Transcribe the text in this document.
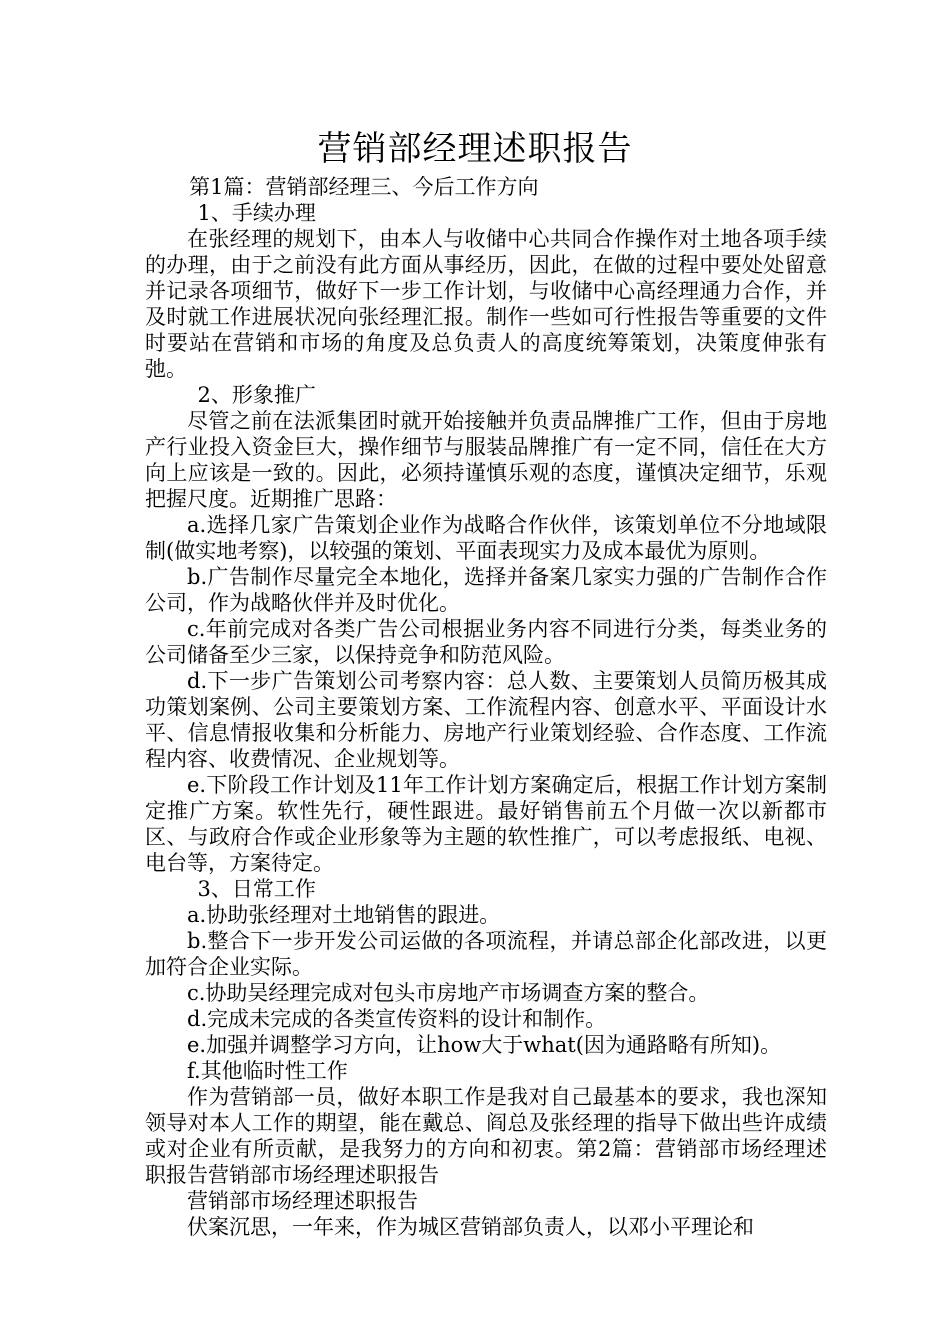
营销部经理述职报告

第1篇：营销部经理三、今后工作方向

1、手续办理

在张经理的规划下，由本人与收储中心共同合作操作对土地各项手续的办理，由于之前没有此方面从事经历，因此，在做的过程中要处处留意并记录各项细节，做好下一步工作计划，与收储中心高经理通力合作，并及时就工作进展状况向张经理汇报。制作一些如可行性报告等重要的文件时要站在营销和市场的角度及总负责人的高度统筹策划，决策度伸张有弛。

2、形象推广

尽管之前在法派集团时就开始接触并负责品牌推广工作，但由于房地产行业投入资金巨大，操作细节与服装品牌推广有一定不同，信任在大方向上应该是一致的。因此，必须持谨慎乐观的态度，谨慎决定细节，乐观把握尺度。近期推广思路：

a.选择几家广告策划企业作为战略合作伙伴，该策划单位不分地域限制(做实地考察)，以较强的策划、平面表现实力及成本最优为原则。

b.广告制作尽量完全本地化，选择并备案几家实力强的广告制作合作公司，作为战略伙伴并及时优化。

c.年前完成对各类广告公司根据业务内容不同进行分类，每类业务的公司储备至少三家，以保持竞争和防范风险。

d.下一步广告策划公司考察内容：总人数、主要策划人员简历极其成功策划案例、公司主要策划方案、工作流程内容、创意水平、平面设计水平、信息情报收集和分析能力、房地产行业策划经验、合作态度、工作流程内容、收费情况、企业规划等。

e.下阶段工作计划及11年工作计划方案确定后，根据工作计划方案制定推广方案。软性先行，硬性跟进。最好销售前五个月做一次以新都市区、与政府合作或企业形象等为主题的软性推广，可以考虑报纸、电视、电台等，方案待定。

3、日常工作

a.协助张经理对土地销售的跟进。

b.整合下一步开发公司运做的各项流程，并请总部企化部改进，以更加符合企业实际。

c.协助吴经理完成对包头市房地产市场调查方案的整合。

d.完成未完成的各类宣传资料的设计和制作。

e.加强并调整学习方向，让how大于what(因为通路略有所知)。

f.其他临时性工作

作为营销部一员，做好本职工作是我对自己最基本的要求，我也深知领导对本人工作的期望，能在戴总、阎总及张经理的指导下做出些许成绩或对企业有所贡献，是我努力的方向和初衷。第2篇：营销部市场经理述职报告营销部市场经理述职报告

营销部市场经理述职报告

伏案沉思，一年来，作为城区营销部负责人，以邓小平理论和
